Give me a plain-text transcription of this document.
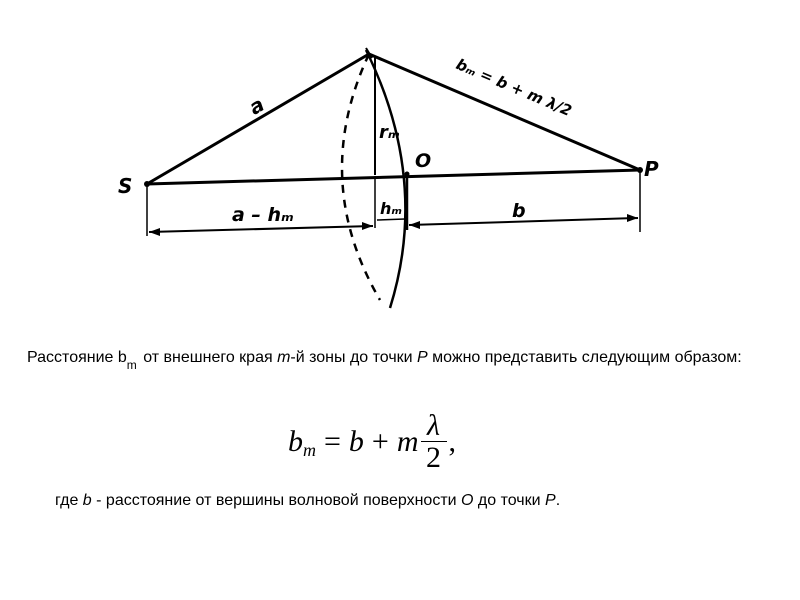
S
P
O
a
rₘ
hₘ
a – hₘ	b
bₘ = b + m λ/2
Расстояние $b_m$ от внешнего края m-й зоны до точки P можно представить следующим образом:
b m = b + m $\frac{\lambda}{2}$ ,
где b - расстояние от вершины волновой поверхности O до точки P.
